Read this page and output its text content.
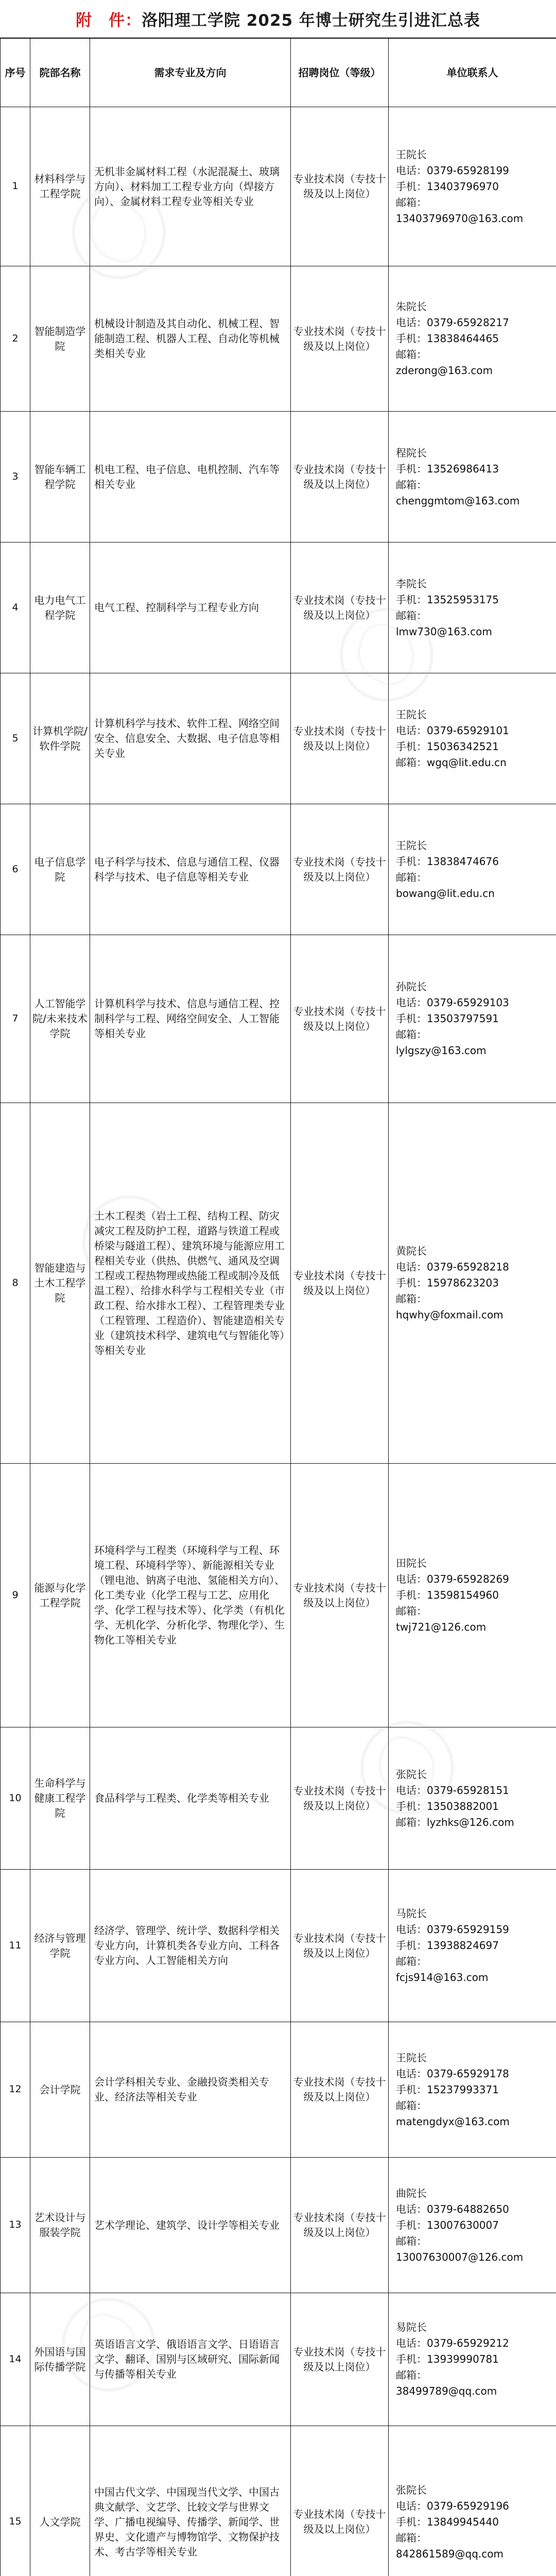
附　件： 洛阳理工学院 2025 年博士研究生引进汇总表
序号	院部名称	需求专业及方向	招聘岗位（等级）	单位联系人
1	材料科学与工程学院	无机非金属材料工程（水泥混凝土、玻璃方向）、材料加工工程专业方向（焊接方向）、金属材料工程专业等相关专业	专业技术岗（专技十级及以上岗位）	王院长
电话：0379-65928199
手机：13403796970
邮箱：
13403796970@163.com

2	智能制造学院	机械设计制造及其自动化、机械工程、智能制造工程、机器人工程、自动化等机械类相关专业	专业技术岗（专技十级及以上岗位）	朱院长
电话：0379-65928217
手机：13838464465
邮箱：
zderong@163.com

3	智能车辆工程学院	机电工程、电子信息、电机控制、汽车等相关专业	专业技术岗（专技十级及以上岗位）	程院长
手机：13526986413
邮箱：
chenggmtom@163.com

4	电力电气工程学院	电气工程、控制科学与工程专业方向	专业技术岗（专技十级及以上岗位）	李院长
手机：13525953175
邮箱：
lmw730@163.com

5	计算机学院/软件学院	计算机科学与技术、软件工程、网络空间安全、信息安全、大数据、电子信息等相关专业	专业技术岗（专技十级及以上岗位）	王院长
电话：0379-65929101
手机：15036342521
邮箱：wgq@lit.edu.cn

6	电子信息学院	电子科学与技术、信息与通信工程、仪器科学与技术、电子信息等相关专业	专业技术岗（专技十级及以上岗位）	王院长
手机：13838474676
邮箱：
bowang@lit.edu.cn

7	人工智能学院/未来技术学院	计算机科学与技术、信息与通信工程、控制科学与工程、网络空间安全、人工智能等相关专业	专业技术岗（专技十级及以上岗位）	孙院长
电话：0379-65929103
手机：13503797591
邮箱：
lylgszy@163.com

8	智能建造与土木工程学院	土木工程类（岩土工程、结构工程、防灾减灾工程及防护工程，道路与铁道工程或桥梁与隧道工程）、建筑环境与能源应用工程相关专业（供热、供燃气、通风及空调工程或工程热物理或热能工程或制冷及低温工程）、给排水科学与工程相关专业（市政工程、给水排水工程）、工程管理类专业（工程管理、工程造价）、智能建造相关专业（建筑技术科学、建筑电气与智能化等）等相关专业	专业技术岗（专技十级及以上岗位）	黄院长
电话：0379-65928218
手机：15978623203
邮箱：
hqwhy@foxmail.com

9	能源与化学工程学院	环境科学与工程类（环境科学与工程、环境工程、环境科学等）、新能源相关专业（锂电池、钠离子电池、氢能相关方向）、化工类专业（化学工程与工艺、应用化学、化学工程与技术等）、化学类（有机化学、无机化学、分析化学、物理化学）、生物化工等相关专业	专业技术岗（专技十级及以上岗位）	田院长
电话：0379-65928269
手机：13598154960
邮箱：
twj721@126.com

10	生命科学与健康工程学院	食品科学与工程类、化学类等相关专业	专业技术岗（专技十级及以上岗位）	张院长
电话：0379-65928151
手机：13503882001
邮箱：lyzhks@126.com

11	经济与管理学院	经济学、管理学、统计学、数据科学相关专业方向，计算机类各专业方向、工科各专业方向、人工智能相关方向	专业技术岗（专技十级及以上岗位）	马院长
电话：0379-65929159
手机：13938824697
邮箱：
fcjs914@163.com

12	会计学院	会计学科相关专业、金融投资类相关专业、经济法等相关专业	专业技术岗（专技十级及以上岗位）	王院长
电话：0379-65929178
手机：15237993371
邮箱：
matengdyx@163.com

13	艺术设计与服装学院	艺术学理论、建筑学、设计学等相关专业	专业技术岗（专技十级及以上岗位）	曲院长
电话：0379-64882650
手机：13007630007
邮箱：
13007630007@126.com

14	外国语与国际传播学院	英语语言文学、俄语语言文学、日语语言文学、翻译、国别与区域研究、国际新闻与传播等相关专业	专业技术岗（专技十级及以上岗位）	易院长
电话：0379-65929212
手机：13939990781
邮箱：
38499789@qq.com

15	人文学院	中国古代文学、中国现当代文学、中国古典文献学、文艺学、比较文学与世界文学、广播电视编导、传播学、新闻学、世界史、文化遗产与博物馆学、文物保护技术、考古学等相关专业	专业技术岗（专技十级及以上岗位）	张院长
电话：0379-65929196
手机：13849945440
邮箱：
842861589@qq.com
